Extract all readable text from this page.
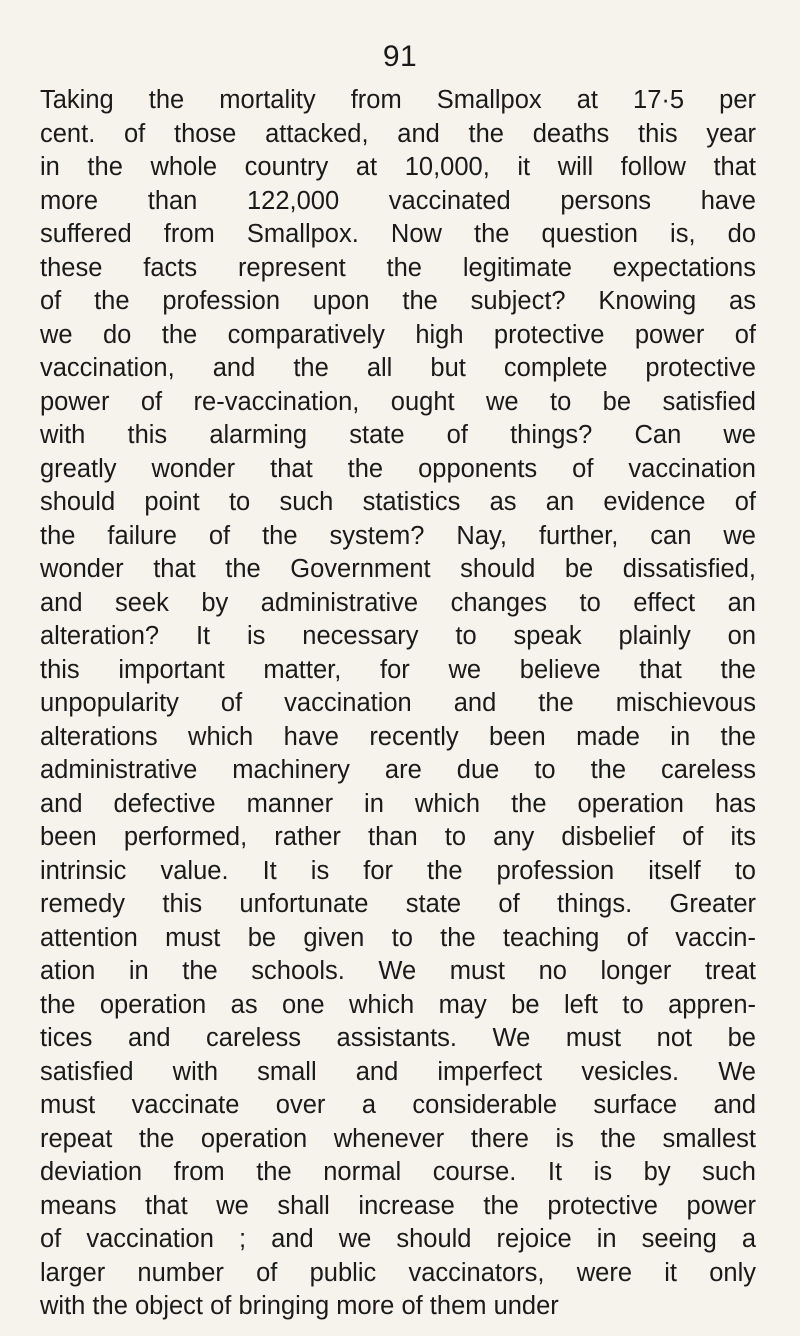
91
Taking the mortality from Smallpox at 17·5 per
cent. of those attacked, and the deaths this year
in the whole country at 10,000, it will follow that
more than 122,000 vaccinated persons have
suffered from Smallpox. Now the question is, do
these facts represent the legitimate expectations
of the profession upon the subject? Knowing as
we do the comparatively high protective power of
vaccination, and the all but complete protective
power of re-vaccination, ought we to be satisfied
with this alarming state of things? Can we
greatly wonder that the opponents of vaccination
should point to such statistics as an evidence of
the failure of the system? Nay, further, can we
wonder that the Government should be dissatisfied,
and seek by administrative changes to effect an
alteration? It is necessary to speak plainly on
this important matter, for we believe that the
unpopularity of vaccination and the mischievous
alterations which have recently been made in the
administrative machinery are due to the careless
and defective manner in which the operation has
been performed, rather than to any disbelief of its
intrinsic value. It is for the profession itself to
remedy this unfortunate state of things. Greater
attention must be given to the teaching of vaccin-
ation in the schools. We must no longer treat
the operation as one which may be left to appren-
tices and careless assistants. We must not be
satisfied with small and imperfect vesicles. We
must vaccinate over a considerable surface and
repeat the operation whenever there is the smallest
deviation from the normal course. It is by such
means that we shall increase the protective power
of vaccination ; and we should rejoice in seeing a
larger number of public vaccinators, were it only
with the object of bringing more of them under
